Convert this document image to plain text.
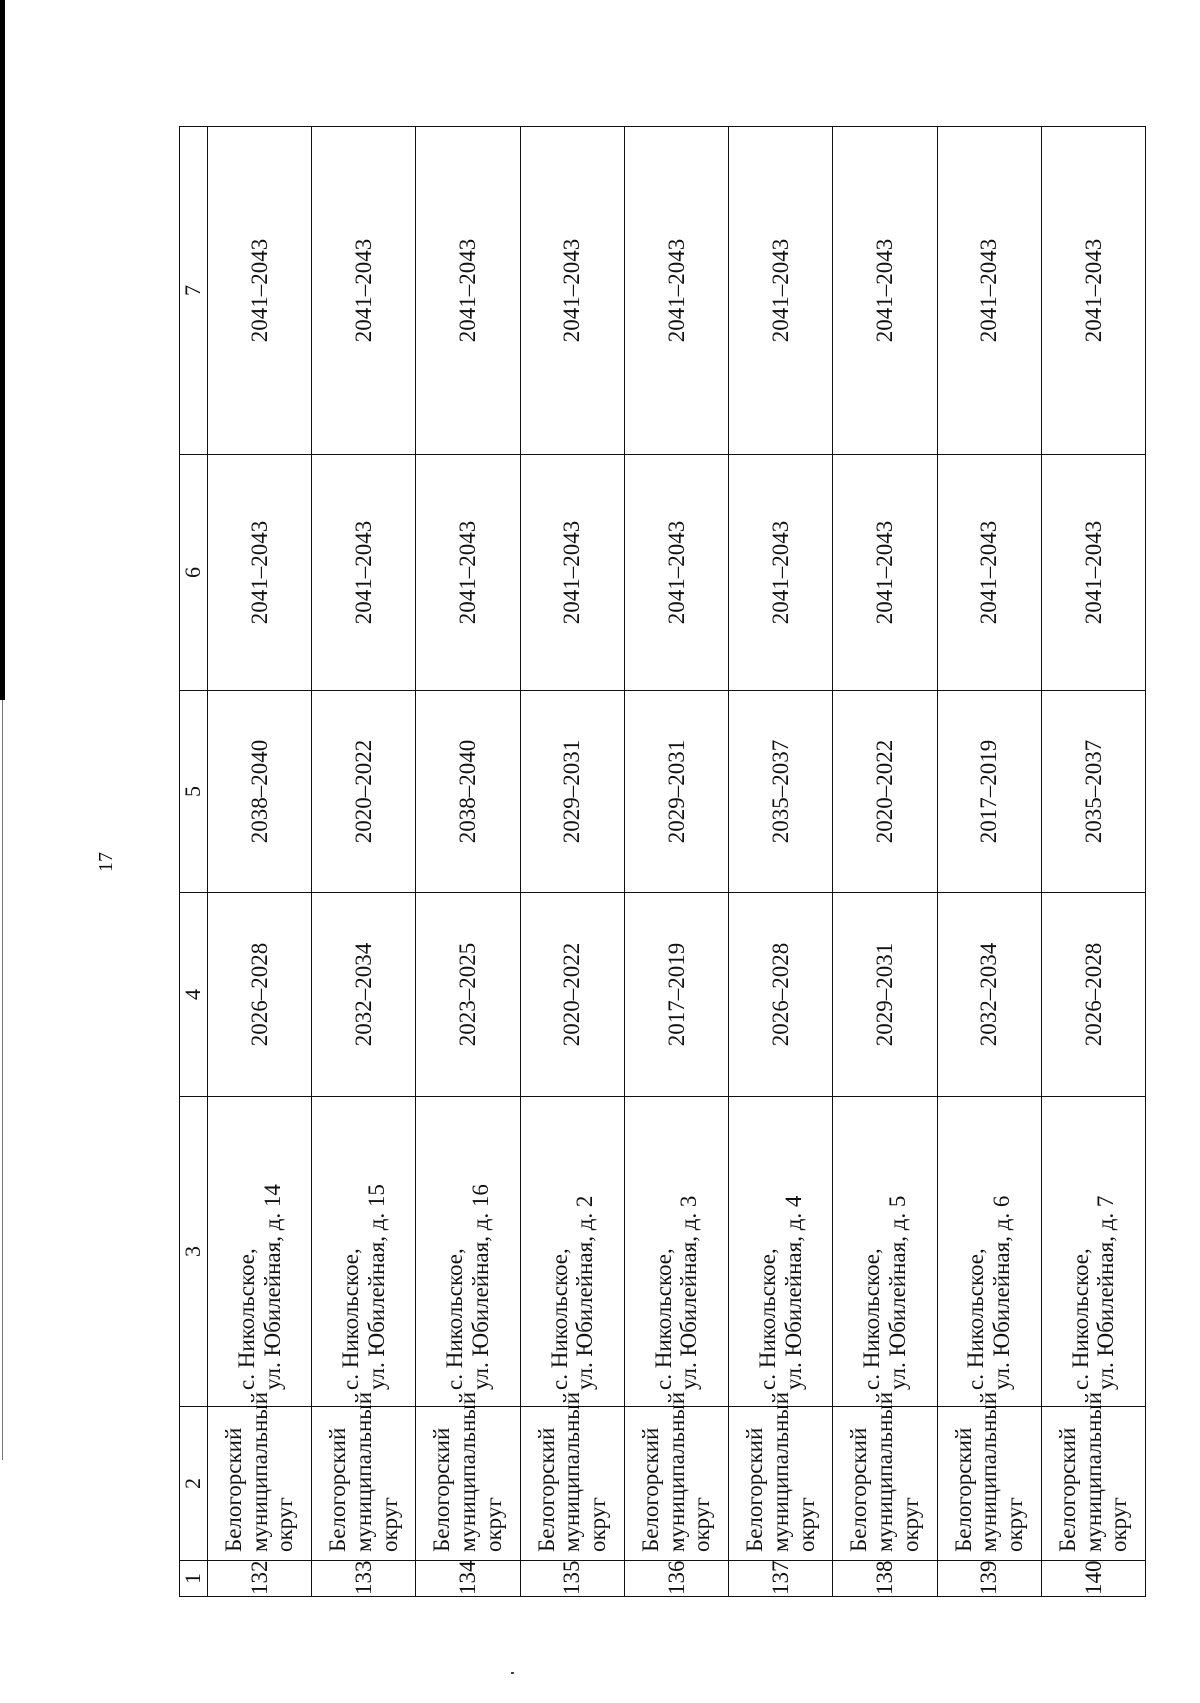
17
1	2	3	4	5	6	7
132	Белогорский муниципальный округ	с. Никольское, ул. Юбилейная, д. 14	2026–2028	2038–2040	2041–2043	2041–2043
133	Белогорский муниципальный округ	с. Никольское, ул. Юбилейная, д. 15	2032–2034	2020–2022	2041–2043	2041–2043
134	Белогорский муниципальный округ	с. Никольское, ул. Юбилейная, д. 16	2023–2025	2038–2040	2041–2043	2041–2043
135	Белогорский муниципальный округ	с. Никольское, ул. Юбилейная, д. 2	2020–2022	2029–2031	2041–2043	2041–2043
136	Белогорский муниципальный округ	с. Никольское, ул. Юбилейная, д. 3	2017–2019	2029–2031	2041–2043	2041–2043
137	Белогорский муниципальный округ	с. Никольское, ул. Юбилейная, д. 4	2026–2028	2035–2037	2041–2043	2041–2043
138	Белогорский муниципальный округ	с. Никольское, ул. Юбилейная, д. 5	2029–2031	2020–2022	2041–2043	2041–2043
139	Белогорский муниципальный округ	с. Никольское, ул. Юбилейная, д. 6	2032–2034	2017–2019	2041–2043	2041–2043
140	Белогорский муниципальный округ	с. Никольское, ул. Юбилейная, д. 7	2026–2028	2035–2037	2041–2043	2041–2043
